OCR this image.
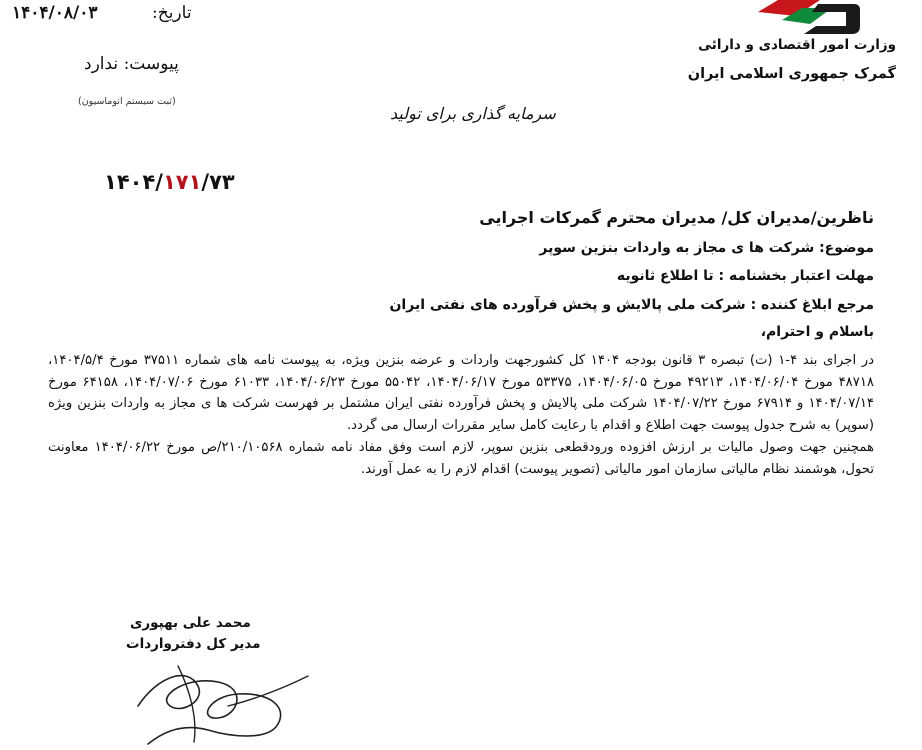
وزارت امور اقتصادی و دارائی
گمرک جمهوری اسلامی ایران
تاریخ:
۱۴۰۴/۰۸/۰۳
پیوست: ندارد
(ثبت سیستم اتوماسیون)
سرمایه گذاری برای تولید
۱۴۰۴/۱۷۱/۷۳
ناظرین/مدیران کل/ مدیران محترم گمرکات اجرایی
موضوع: شرکت ها ی مجاز به واردات بنزین سوپر
مهلت اعتبار بخشنامه : تا اطلاع ثانویه
مرجع ابلاغ کننده : شرکت ملی پالایش و پخش فرآورده های نفتی ایران
باسلام و احترام،

در اجرای بند ۴-۱ (ت) تبصره ۳ قانون بودجه ۱۴۰۴ کل کشورجهت واردات و عرضه بنزین ویژه، به پیوست نامه های شماره ۳۷۵۱۱ مورخ ۱۴۰۴/۵/۴، ۴۸۷۱۸ مورخ ۱۴۰۴/۰۶/۰۴، ۴۹۲۱۳ مورخ ۱۴۰۴/۰۶/۰۵، ۵۳۳۷۵ مورخ ۱۴۰۴/۰۶/۱۷، ۵۵۰۴۲ مورخ ۱۴۰۴/۰۶/۲۳، ۶۱۰۳۳ مورخ ۱۴۰۴/۰۷/۰۶، ۶۴۱۵۸ مورخ ۱۴۰۴/۰۷/۱۴ و ۶۷۹۱۴ مورخ ۱۴۰۴/۰۷/۲۲ شرکت ملی پالایش و پخش فرآورده نفتی ایران مشتمل بر فهرست شرکت ها ی مجاز به واردات بنزین ویژه (سوپر) به شرح جدول پیوست جهت اطلاع و اقدام با رعایت کامل سایر مقررات ارسال می گردد.

همچنین جهت وصول مالیات بر ارزش افزوده ورودقطعی بنزین سوپر، لازم است وفق مفاد نامه شماره ۲۱۰/۱۰۵۶۸/ص مورخ ۱۴۰۴/۰۶/۲۲ معاونت تحول، هوشمند نظام مالیاتی سازمان امور مالیاتی (تصویر پیوست) اقدام لازم را به عمل آورند.

محمد علی بهپوری
مدیر کل دفترواردات
